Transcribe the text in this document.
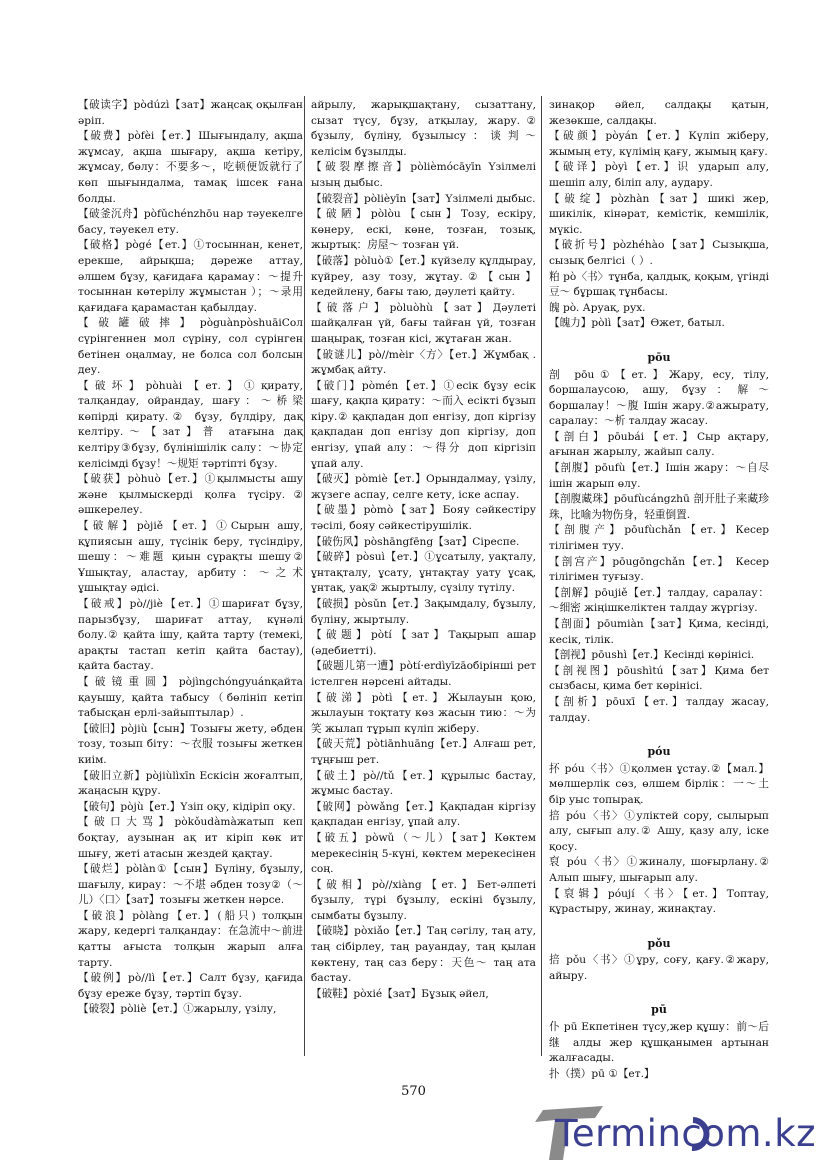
【破读字】pòdúzì【зат】жаңсақ оқылған әріп.
【破费】pòfèi【ет.】Шығындалу, ақша жұмсау, ақша шығару, ақша кетіру, жұмсау, бөлу：不要多～，吃顿便饭就行了 көп шығындалма, тамақ ішсек ғана болды.
【破釜沉舟】pòfǔchénzhōu нар тәуекелге басу, тәуекел ету.
【破格】pògé【ет.】①тосыннан, кенет, ерекше, айрықша; дәреже аттау, әлшем бұзу, қағидаға қарамау：～提升 тосыннан көтерілу жұмыстан ）；～录用 қағидаға қарамастан қабылдау.
【破罐破摔】pòguànpòshuāiСол сүрінгеннен мол сүріну, сол сүрінген бетінен оңалмау, не болса сол болсын деу.
【破坏】pòhuài【ет.】①қирату, талқандау, ойрандау, шағу：～桥梁 көпірді қирату.② бұзу, бүлдіру, дақ келтіру.～【зат】普 атағына дақ келтіру③бұзу, бүлінішілік салу：～协定 келісімді бұзу！～规矩 тәртіпті бұзу.
【破获】pòhuò【ет.】①қылмысты ашу және қылмыскерді қолға түсіру.② әшкерелеу.
【破解】pòjiě【ет.】①Сырын ашу, құпиясын ашу, түсінік беру, түсіндіру, шешу：～难题 қиын сұрақты шешу② Ұшықтау, аластау, арбиту：～之术 ұшықтау әдісі.
【破戒】pò//jiè【ет.】①шариғат бұзу, парызбұзу, шариғат аттау, күнәлі болу.② қайта ішу, қайта тарту (темекі, арақты тастап кетіп қайта бастау), қайта бастау.
【破镜重圆】pòjìngchóngyuánқайта қауышу, қайта табысу（бөлініп кетіп табысқан ерлі-зайыптылар）.
【破旧】pòjiù【сын】Тозығы жету, әбден тозу, тозып біту：～衣服 тозығы жеткен киім.
【破旧立新】pòjiùlìxīn Ескісін жоғалтып, жаңасын құру.
【破句】pòjù【ет.】Үзіп оқу, кідіріп оқу.
【破口大骂】pòkǒudàmàжатып кеп боқтау, аузынан ақ ит кіріп көк ит шығу, жеті атасын жездей қақтау.
【破烂】pòlàn①【сын】Бүліну, бұзылу, шағылу, кирау：～不堪 әбден тозу②（～儿）〈口〉【зат】тозығы жеткен нәрсе.
【破浪】pòlàng【ет.】(船只) толқын жару, кедергі талқандау：在急流中～前进 қатты ағыста толқын жарып алға тарту.
【破例】pò//lì【ет.】Салт бұзу, қағида бұзу ереже бұзу, тәртіп бұзу.
【破裂】pòliè【ет.】①жарылу, үзілу,
айрылу, жарықшақтану, сызаттану, сызат түсу, бұзу, атқылау, жару.② бұзылу, бүлінy, бұзылысу：谈判～ келісім бұзылды.
【破裂摩擦音】pòlièmócāyīn Үзілмелі ызың дыбыс.
【破裂音】pòlièyīn【зат】Үзілмелі дыбыс.
【破陋】pòlòu【сын】Тозу, ескіру, көнеру, ескі, көне, тозған, тозық, жыртық：房屋～ тозған үй.
【破落】pòluò①【ет.】күйзелу құлдырау, күйреу, азу тозу, жұтау.②【сын】кедейлену, бағы таю, дәулеті қайту.
【破落户】pòluòhù【зат】Дәулеті шайқалған үй, бағы тайған үй, тозған шаңырақ, тозған кісі, жұтаған жан.
【破谜儿】pò//mèir〈方〉【ет.】Жұмбақ . жұмбақ айту.
【破门】pòmén【ет.】①есік бұзу есік шағу, қақпа қирату：～而入 есікті бұзып кіру.② қақпадан доп енгізу, доп кіргізу қақпадан доп енгізу доп кіргізу, доп енгізу, ұпай алу：～得分 доп кіргізіп ұпай алу.
【破灭】pòmiè【ет.】Орындалмау, үзілу, жүзеге аспау, селге кету, іске аспау.
【破墨】pòmò【зат】Бояу сәйкестіру тәсілі, бояу сәйкестірушілік.
【破伤风】pòshāngfēng【зат】Сіреспе.
【破碎】pòsuì【ет.】①ұсатылу, уақталу, ұнтақталу, ұсату, ұнтақтау уату ұсақ, ұнтақ, уақ② жыртылу, сүзілу түтілу.
【破损】pòsǔn【ет.】Зақымдалу, бұзылу, бүліну, жыртылу.
【破题】pòtí【зат】Тақырып ашар (әдебиетті).
【破题儿第一遭】pòtí·erdìyīzāoбірінші рет істелген нәрсені айтады.
【破涕】pòtì【ет.】Жылауын қою, жылауын тоқтату көз жасын тию：～为笑 жылап тұрып күліп жіберу.
【破天荒】pòtiānhuāng【ет.】Алғаш рет, тұңғыш рет.
【破土】pò//tǔ【ет.】құрылыс бастау, жұмыс бастау.
【破网】pòwǎng【ет.】Қақпадан кіргізу қақпадан енгізу, ұпай алу.
【破五】pòwǔ（～儿）【зат】Көктем мерекесінің 5-күні, көктем мерекесінен соң.
【破相】pò//xiàng【ет.】Бет-әлпеті бұзылу, түрі бұзылу, ескіні бұзылу, сымбаты бұзылу.
【破晓】pòxiǎo【ет.】Таң сәгілу, таң ату, таң сібірлеу, таң рауандау, таң қылан көктену, таң саз беру：天色～ таң ата бастау.
【破鞋】pòxié【зат】Бұзық әйел,
зинақор әйел, салдақы қатын, жезөкше, салдақы.
【破颜】pòyán【ет.】Күліп жіберу, жымың ету, күлімің қағу, жымың қағу.
【破译】pòyì【ет.】识 ударып алу, шешіп алу, біліп алу, аудару.
【破绽】pòzhàn【зат】шикі жер, шикілік, кінәрат, кемістік, кемшілік, мүкіс.
【破折号】pòzhéhào【зат】Сызықша, сызық белгісі（ ）.
粕 pò〈书〉тұнба, қалдық, қоқым, үгінді豆～ бұршақ тұнбасы.
魄 pò. Аруақ, рух.
【魄力】pòlì【зат】Өжет, батыл.
pōu
剖 pōu①【ет.】Жару, есу, тілу, боршалаусою, ашу, бұзу：解～ боршалау！～腹 Ішін жару.②ажырату, саралау：～析 талдау жасау.
【剖白】pōubái【ет.】Сыр ақтару, ағынан жарылу, жайып салу.
【剖腹】pōufù【ет.】Ішін жару：～自尽 ішін жарып өлу.
【剖腹藏珠】pōufùcángzhū 剖开肚子来藏珍珠，比喻为物伤身，轻重倒置.
【剖腹产】pōufùchǎn【ет.】Кесер тілігімен туу.
【剖宫产】pōugōngchǎn【ет.】 Кесер тілігімен туғызу.
【剖解】pōujiě【ет.】талдау, саралау：～细密 жіңішкеліктен талдау жүргізу.
【剖面】pōumiàn【зат】Қима, кесінді, кесік, тілік.
【剖视】pōushì【ет.】Кесінді көрінісі.
【剖视图】pōushìtú【зат】Қима бет сызбасы, қима бет көрінісі.
【剖析】pōuxī【ет.】талдау жасау, талдау.
póu
抔 póu〈书〉①қолмен ұстау.②【мал.】мөлшерлік сөз, өлшем бірлік：一～土 бір уыс топырақ.
掊 póu〈书〉①уліктей сору, сылырып алу, сығып алу.② Ашу, қазу алу, іске қосу.
裒 póu〈书〉①жиналу, шоғырлану.② Алып шығу, шығарып алу.
【裒辑】póují〈书〉【ет.】Топтау, құрастыру, жинау, жинақтау.
pǒu
掊 pǒu〈书〉①ұру, соғу, қағу.②жару, айыру.
pū
仆 pū Екпетінен түсу,жер құшу：前～后继 алды жер құшқанымен артынан жалғасады.
扑（撲）pū ①【ет.】
570
Termincom.kz
